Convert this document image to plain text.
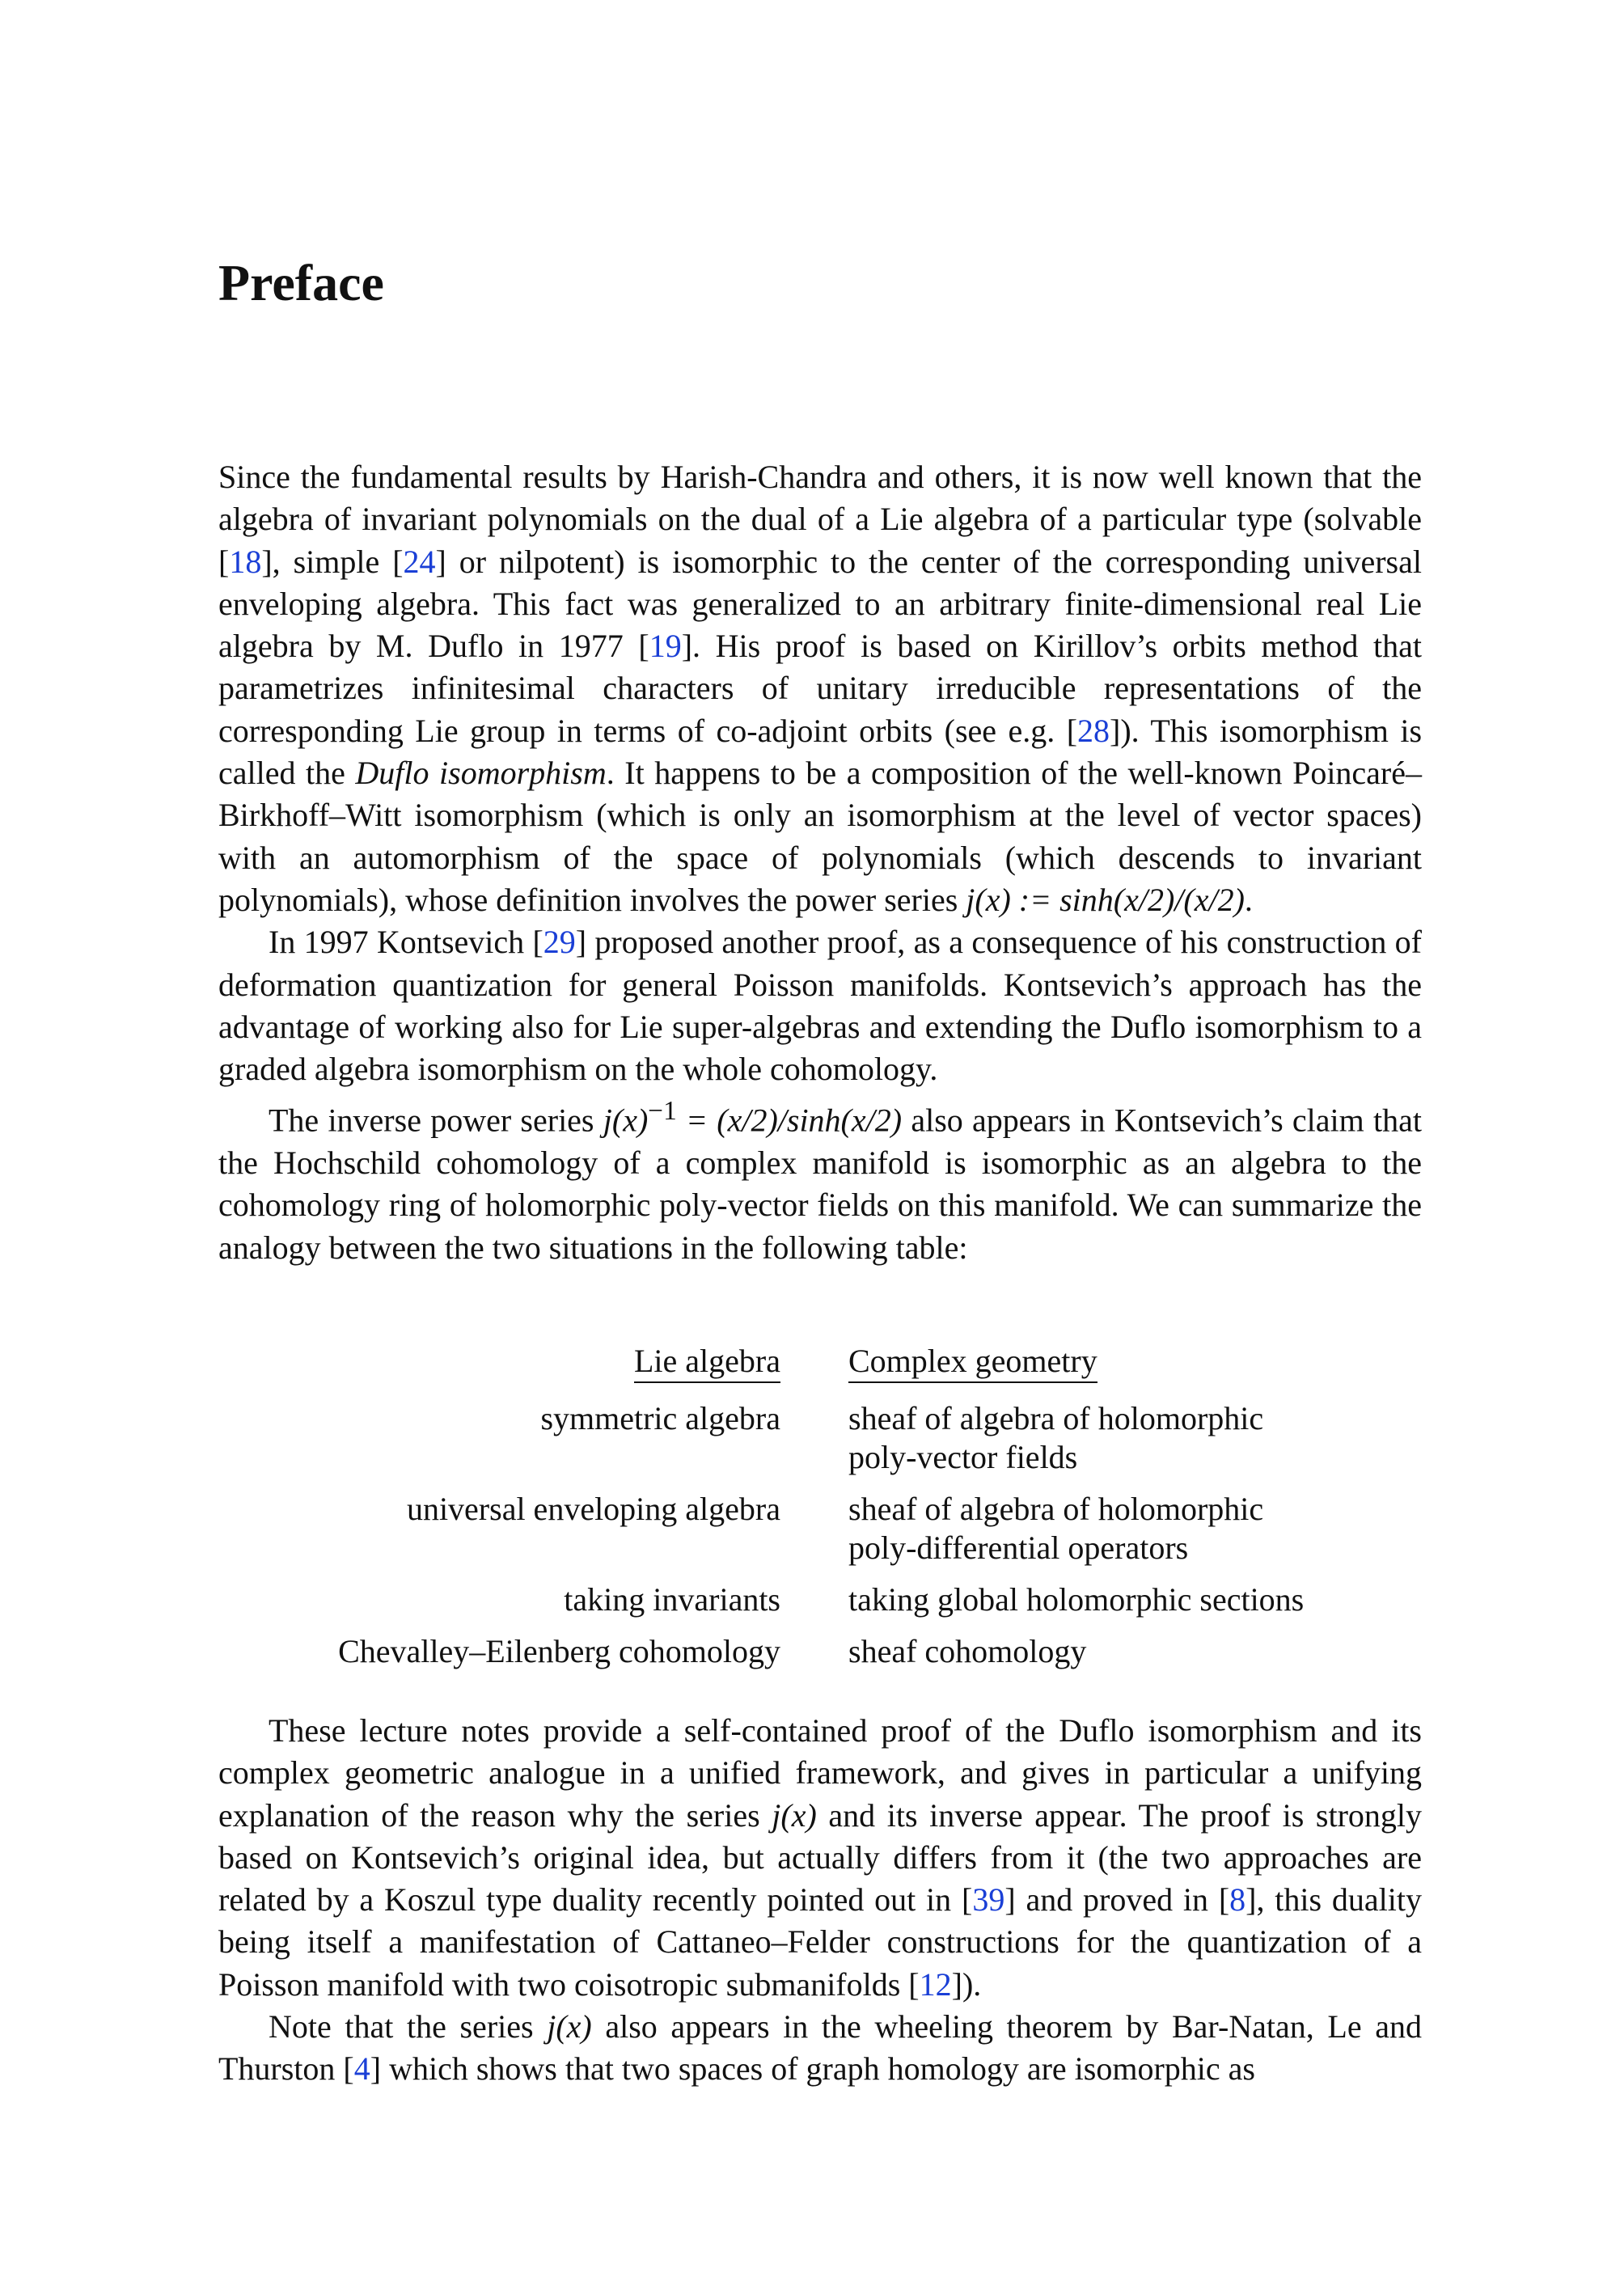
Preface

Since the fundamental results by Harish-Chandra and others, it is now well known that the algebra of invariant polynomials on the dual of a Lie algebra of a particular type (solvable [18], simple [24] or nilpotent) is isomorphic to the center of the corresponding universal enveloping algebra. This fact was generalized to an arbitrary finite-dimensional real Lie algebra by M. Duflo in 1977 [19]. His proof is based on Kirillov’s orbits method that parametrizes infinitesimal characters of unitary irreducible representations of the corresponding Lie group in terms of co-adjoint orbits (see e.g. [28]). This isomorphism is called the Duflo isomorphism. It happens to be a composition of the well-known Poincaré–Birkhoff–Witt isomorphism (which is only an isomorphism at the level of vector spaces) with an automorphism of the space of polynomials (which descends to invariant polynomials), whose definition involves the power series j(x) := sinh(x/2)/(x/2).

In 1997 Kontsevich [29] proposed another proof, as a consequence of his construction of deformation quantization for general Poisson manifolds. Kontsevich’s approach has the advantage of working also for Lie super-algebras and extending the Duflo isomorphism to a graded algebra isomorphism on the whole cohomology.

The inverse power series $j(x)^{-1} = (x/2)/\sinh(x/2)$ also appears in Kontsevich’s claim that the Hochschild cohomology of a complex manifold is isomorphic as an algebra to the cohomology ring of holomorphic poly-vector fields on this manifold. We can summarize the analogy between the two situations in the following table:

Lie algebra	Complex geometry
symmetric algebra	sheaf of algebra of holomorphic
poly-vector fields

universal enveloping algebra	sheaf of algebra of holomorphic
poly-differential operators

taking invariants	taking global holomorphic sections

Chevalley–Eilenberg cohomology	sheaf cohomology

These lecture notes provide a self-contained proof of the Duflo isomorphism and its complex geometric analogue in a unified framework, and gives in particular a unifying explanation of the reason why the series j(x) and its inverse appear. The proof is strongly based on Kontsevich’s original idea, but actually differs from it (the two approaches are related by a Koszul type duality recently pointed out in [39] and proved in [8], this duality being itself a manifestation of Cattaneo–Felder constructions for the quantization of a Poisson manifold with two coisotropic submanifolds [12]).

Note that the series j(x) also appears in the wheeling theorem by Bar-Natan, Le and Thurston [4] which shows that two spaces of graph homology are isomorphic as
